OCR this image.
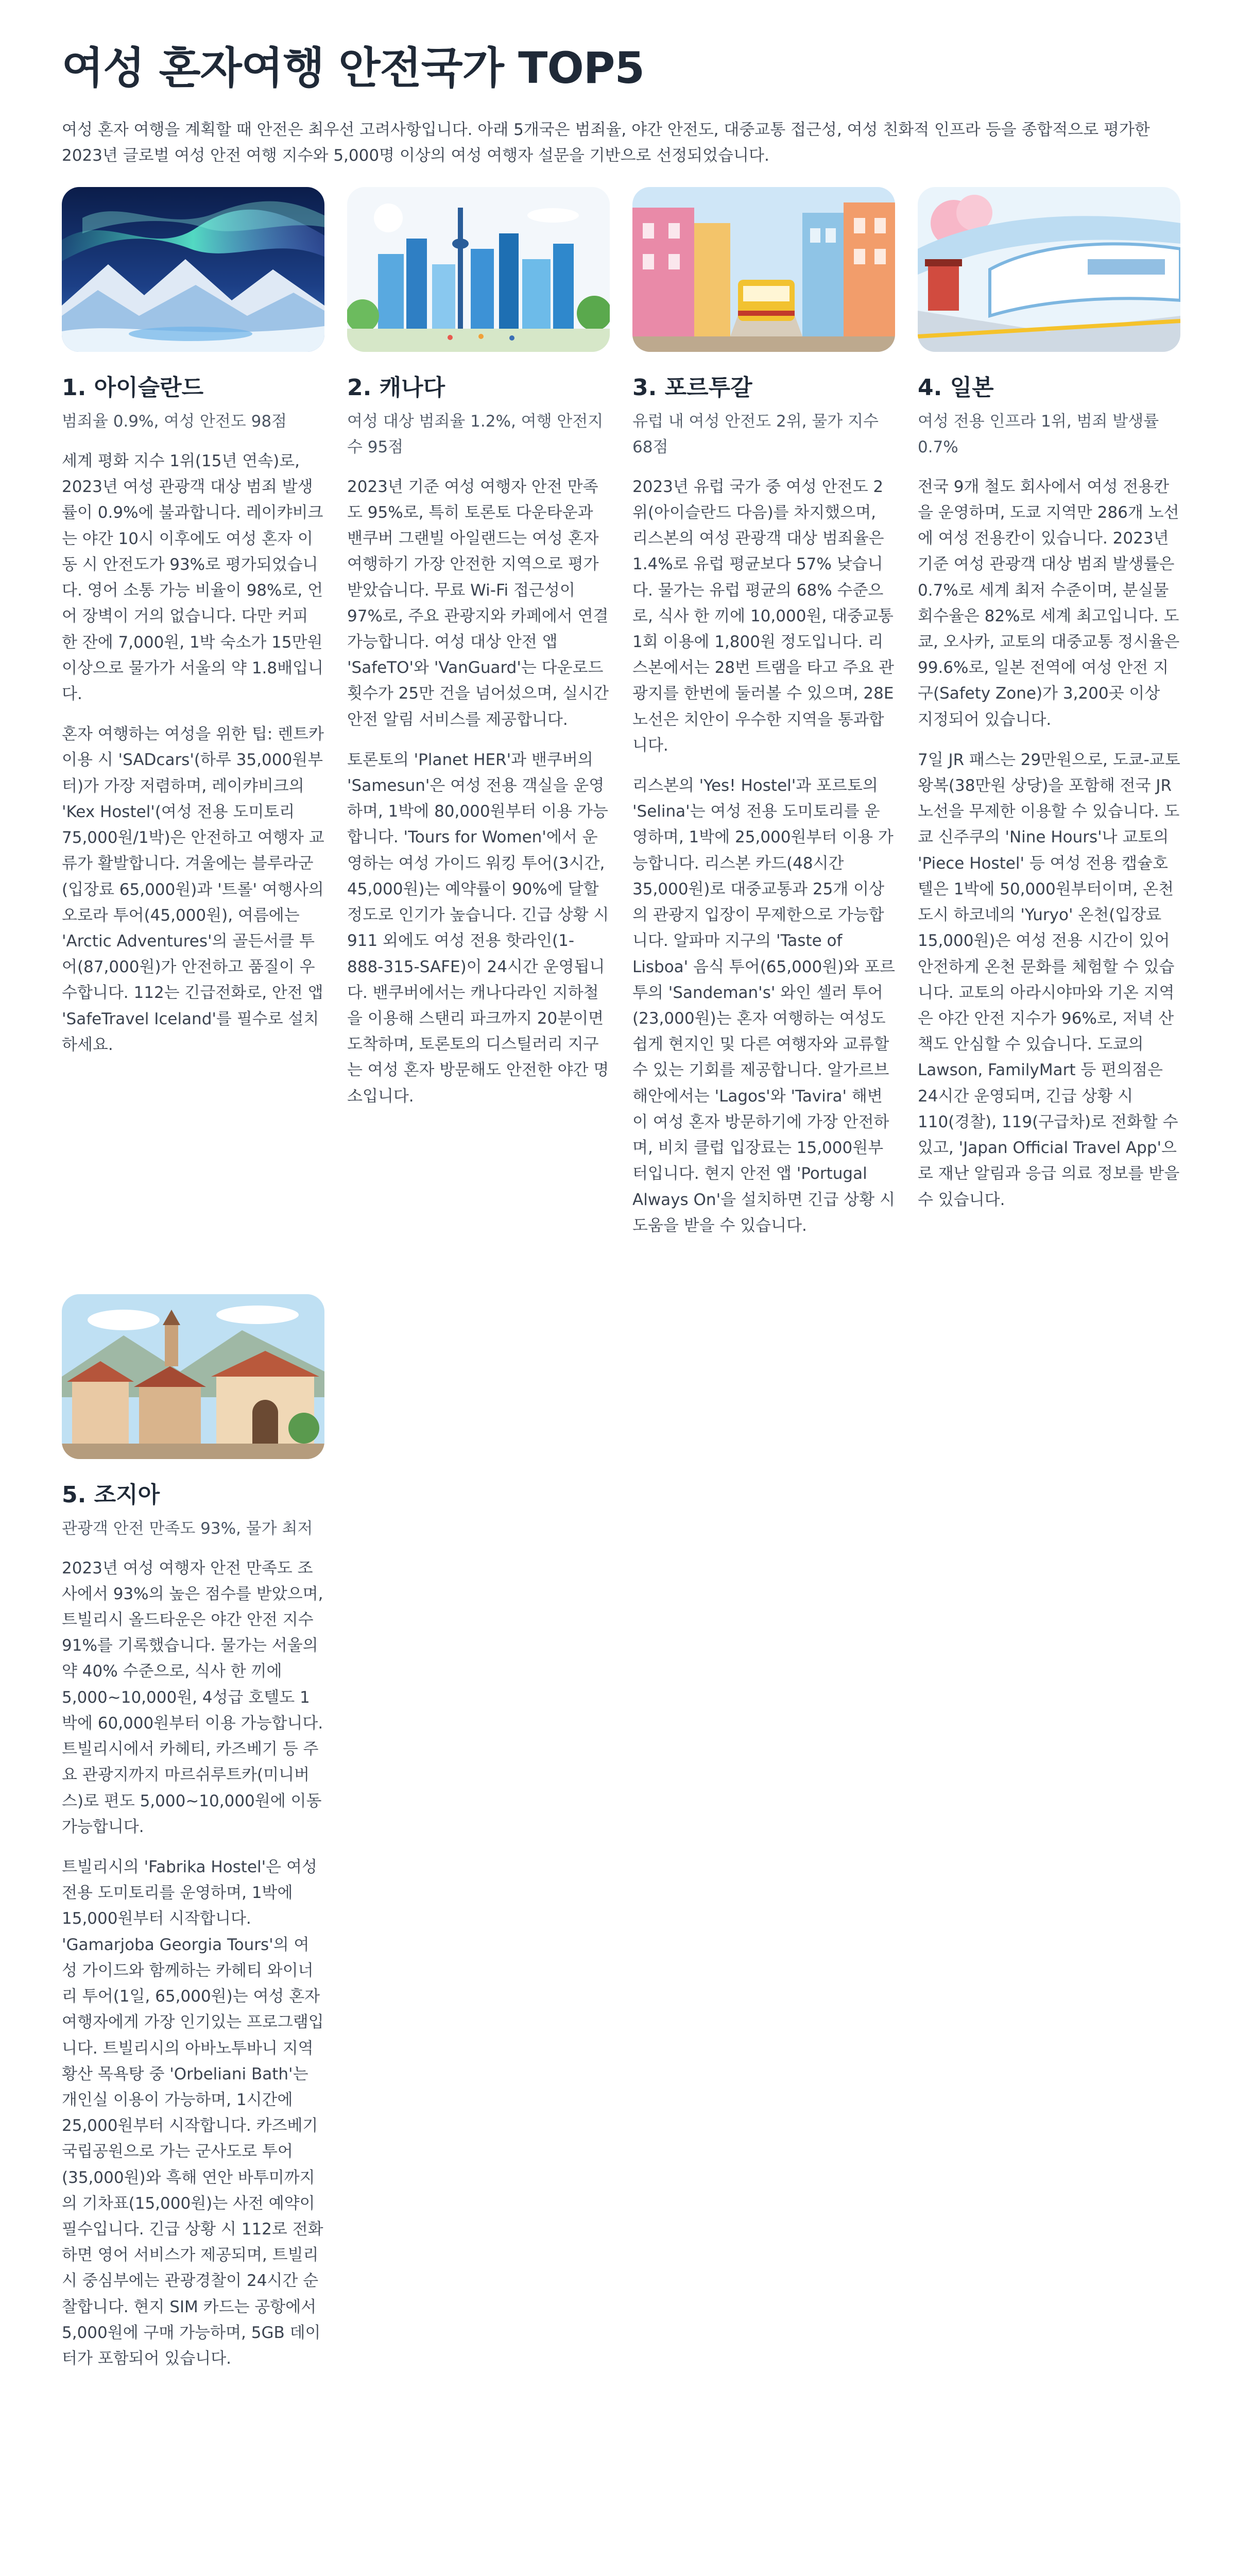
여성 혼자여행 안전국가 TOP5
여성 혼자 여행을 계획할 때 안전은 최우선 고려사항입니다. 아래 5개국은 범죄율, 야간 안전도, 대중교통 접근성, 여성 친화적 인프라 등을 종합적으로 평가한 2023년 글로벌 여성 안전 여행 지수와 5,000명 이상의 여성 여행자 설문을 기반으로 선정되었습니다.
1. 아이슬란드

범죄율 0.9%, 여성 안전도 98점

세계 평화 지수 1위(15년 연속)로, 2023년 여성 관광객 대상 범죄 발생률이 0.9%에 불과합니다. 레이캬비크는 야간 10시 이후에도 여성 혼자 이동 시 안전도가 93%로 평가되었습니다. 영어 소통 가능 비율이 98%로, 언어 장벽이 거의 없습니다. 다만 커피 한 잔에 7,000원, 1박 숙소가 15만원 이상으로 물가가 서울의 약 1.8배입니다.

혼자 여행하는 여성을 위한 팁: 렌트카 이용 시 'SADcars'(하루 35,000원부터)가 가장 저렴하며, 레이캬비크의 'Kex Hostel'(여성 전용 도미토리 75,000원/1박)은 안전하고 여행자 교류가 활발합니다. 겨울에는 블루라군(입장료 65,000원)과 '트롤' 여행사의 오로라 투어(45,000원), 여름에는 'Arctic Adventures'의 골든서클 투어(87,000원)가 안전하고 품질이 우수합니다. 112는 긴급전화로, 안전 앱 'SafeTravel Iceland'를 필수로 설치하세요.

2. 캐나다

여성 대상 범죄율 1.2%, 여행 안전지수 95점

2023년 기준 여성 여행자 안전 만족도 95%로, 특히 토론토 다운타운과 밴쿠버 그랜빌 아일랜드는 여성 혼자 여행하기 가장 안전한 지역으로 평가받았습니다. 무료 Wi-Fi 접근성이 97%로, 주요 관광지와 카페에서 연결 가능합니다. 여성 대상 안전 앱 'SafeTO'와 'VanGuard'는 다운로드 횟수가 25만 건을 넘어섰으며, 실시간 안전 알림 서비스를 제공합니다.

토론토의 'Planet HER'과 밴쿠버의 'Samesun'은 여성 전용 객실을 운영하며, 1박에 80,000원부터 이용 가능합니다. 'Tours for Women'에서 운영하는 여성 가이드 워킹 투어(3시간, 45,000원)는 예약률이 90%에 달할 정도로 인기가 높습니다. 긴급 상황 시 911 외에도 여성 전용 핫라인(1-888-315-SAFE)이 24시간 운영됩니다. 밴쿠버에서는 캐나다라인 지하철을 이용해 스탠리 파크까지 20분이면 도착하며, 토론토의 디스틸러리 지구는 여성 혼자 방문해도 안전한 야간 명소입니다.

3. 포르투갈

유럽 내 여성 안전도 2위, 물가 지수 68점

2023년 유럽 국가 중 여성 안전도 2위(아이슬란드 다음)를 차지했으며, 리스본의 여성 관광객 대상 범죄율은 1.4%로 유럽 평균보다 57% 낮습니다. 물가는 유럽 평균의 68% 수준으로, 식사 한 끼에 10,000원, 대중교통 1회 이용에 1,800원 정도입니다. 리스본에서는 28번 트램을 타고 주요 관광지를 한번에 둘러볼 수 있으며, 28E 노선은 치안이 우수한 지역을 통과합니다.

리스본의 'Yes! Hostel'과 포르토의 'Selina'는 여성 전용 도미토리를 운영하며, 1박에 25,000원부터 이용 가능합니다. 리스본 카드(48시간 35,000원)로 대중교통과 25개 이상의 관광지 입장이 무제한으로 가능합니다. 알파마 지구의 'Taste of Lisboa' 음식 투어(65,000원)와 포르투의 'Sandeman's' 와인 셀러 투어(23,000원)는 혼자 여행하는 여성도 쉽게 현지인 및 다른 여행자와 교류할 수 있는 기회를 제공합니다. 알가르브 해안에서는 'Lagos'와 'Tavira' 해변이 여성 혼자 방문하기에 가장 안전하며, 비치 클럽 입장료는 15,000원부터입니다. 현지 안전 앱 'Portugal Always On'을 설치하면 긴급 상황 시 도움을 받을 수 있습니다.

4. 일본

여성 전용 인프라 1위, 범죄 발생률 0.7%

전국 9개 철도 회사에서 여성 전용칸을 운영하며, 도쿄 지역만 286개 노선에 여성 전용칸이 있습니다. 2023년 기준 여성 관광객 대상 범죄 발생률은 0.7%로 세계 최저 수준이며, 분실물 회수율은 82%로 세계 최고입니다. 도쿄, 오사카, 교토의 대중교통 정시율은 99.6%로, 일본 전역에 여성 안전 지구(Safety Zone)가 3,200곳 이상 지정되어 있습니다.

7일 JR 패스는 29만원으로, 도쿄-교토 왕복(38만원 상당)을 포함해 전국 JR 노선을 무제한 이용할 수 있습니다. 도쿄 신주쿠의 'Nine Hours'나 교토의 'Piece Hostel' 등 여성 전용 캡슐호텔은 1박에 50,000원부터이며, 온천 도시 하코네의 'Yuryo' 온천(입장료 15,000원)은 여성 전용 시간이 있어 안전하게 온천 문화를 체험할 수 있습니다. 교토의 아라시야마와 기온 지역은 야간 안전 지수가 96%로, 저녁 산책도 안심할 수 있습니다. 도쿄의 Lawson, FamilyMart 등 편의점은 24시간 운영되며, 긴급 상황 시 110(경찰), 119(구급차)로 전화할 수 있고, 'Japan Official Travel App'으로 재난 알림과 응급 의료 정보를 받을 수 있습니다.

5. 조지아

관광객 안전 만족도 93%, 물가 최저

2023년 여성 여행자 안전 만족도 조사에서 93%의 높은 점수를 받았으며, 트빌리시 올드타운은 야간 안전 지수 91%를 기록했습니다. 물가는 서울의 약 40% 수준으로, 식사 한 끼에 5,000~10,000원, 4성급 호텔도 1박에 60,000원부터 이용 가능합니다. 트빌리시에서 카헤티, 카즈베기 등 주요 관광지까지 마르쉬루트카(미니버스)로 편도 5,000~10,000원에 이동 가능합니다.

트빌리시의 'Fabrika Hostel'은 여성 전용 도미토리를 운영하며, 1박에 15,000원부터 시작합니다. 'Gamarjoba Georgia Tours'의 여성 가이드와 함께하는 카헤티 와이너리 투어(1일, 65,000원)는 여성 혼자 여행자에게 가장 인기있는 프로그램입니다. 트빌리시의 아바노투바니 지역 황산 목욕탕 중 'Orbeliani Bath'는 개인실 이용이 가능하며, 1시간에 25,000원부터 시작합니다. 카즈베기 국립공원으로 가는 군사도로 투어(35,000원)와 흑해 연안 바투미까지의 기차표(15,000원)는 사전 예약이 필수입니다. 긴급 상황 시 112로 전화하면 영어 서비스가 제공되며, 트빌리시 중심부에는 관광경찰이 24시간 순찰합니다. 현지 SIM 카드는 공항에서 5,000원에 구매 가능하며, 5GB 데이터가 포함되어 있습니다.
